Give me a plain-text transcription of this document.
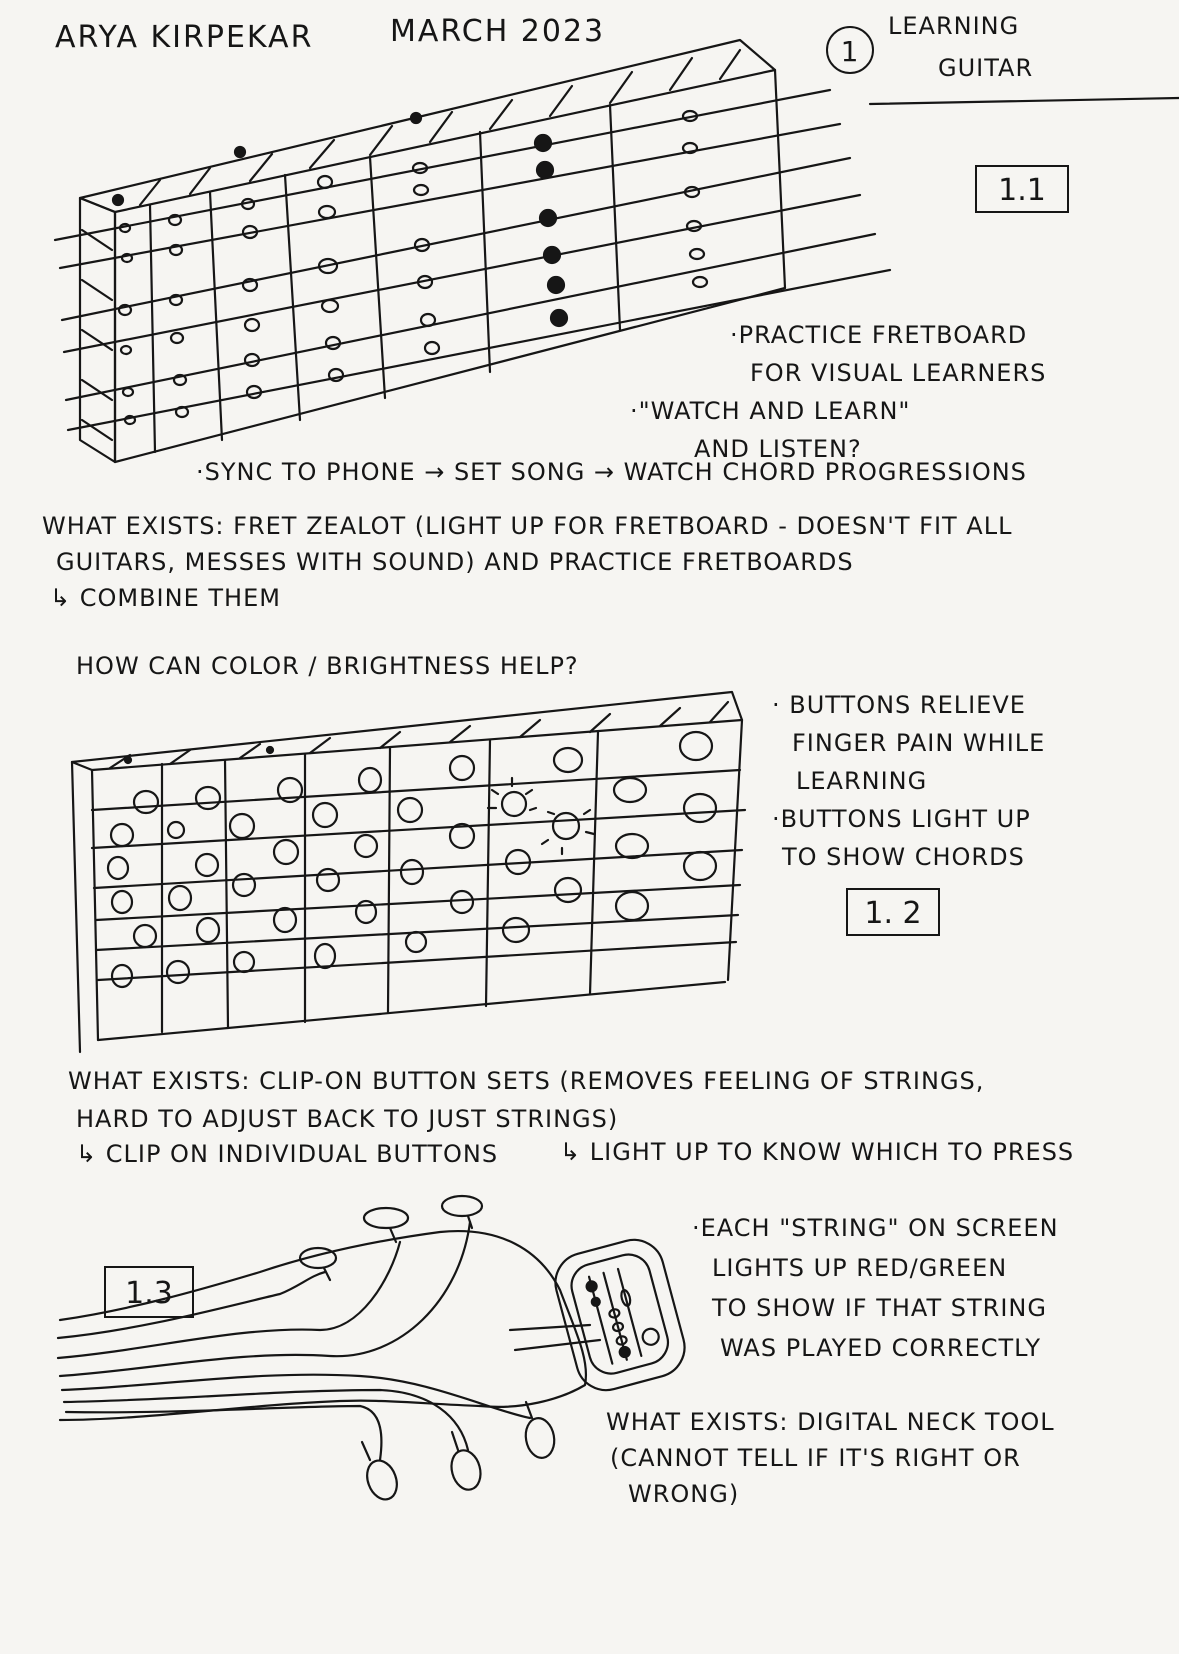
ARYA KIRPEKAR	MARCH 2023
1
LEARNING
GUITAR
1.1
·PRACTICE FRETBOARD
FOR VISUAL LEARNERS
·"WATCH AND LEARN"
AND LISTEN?
·SYNC TO PHONE → SET SONG → WATCH CHORD PROGRESSIONS
WHAT EXISTS: FRET ZEALOT (LIGHT UP FOR FRETBOARD - DOESN'T FIT ALL
GUITARS, MESSES WITH SOUND) AND PRACTICE FRETBOARDS
↳ COMBINE THEM
HOW CAN COLOR / BRIGHTNESS HELP?
· BUTTONS RELIEVE
FINGER PAIN WHILE
LEARNING
·BUTTONS LIGHT UP
TO SHOW CHORDS
1. 2
WHAT EXISTS: CLIP-ON BUTTON SETS (REMOVES FEELING OF STRINGS,
HARD TO ADJUST BACK TO JUST STRINGS)
↳ CLIP ON INDIVIDUAL BUTTONS	↳ LIGHT UP TO KNOW WHICH TO PRESS
1.3
·EACH "STRING" ON SCREEN
LIGHTS UP RED/GREEN
TO SHOW IF THAT STRING
WAS PLAYED CORRECTLY
WHAT EXISTS: DIGITAL NECK TOOL
(CANNOT TELL IF IT'S RIGHT OR
WRONG)
